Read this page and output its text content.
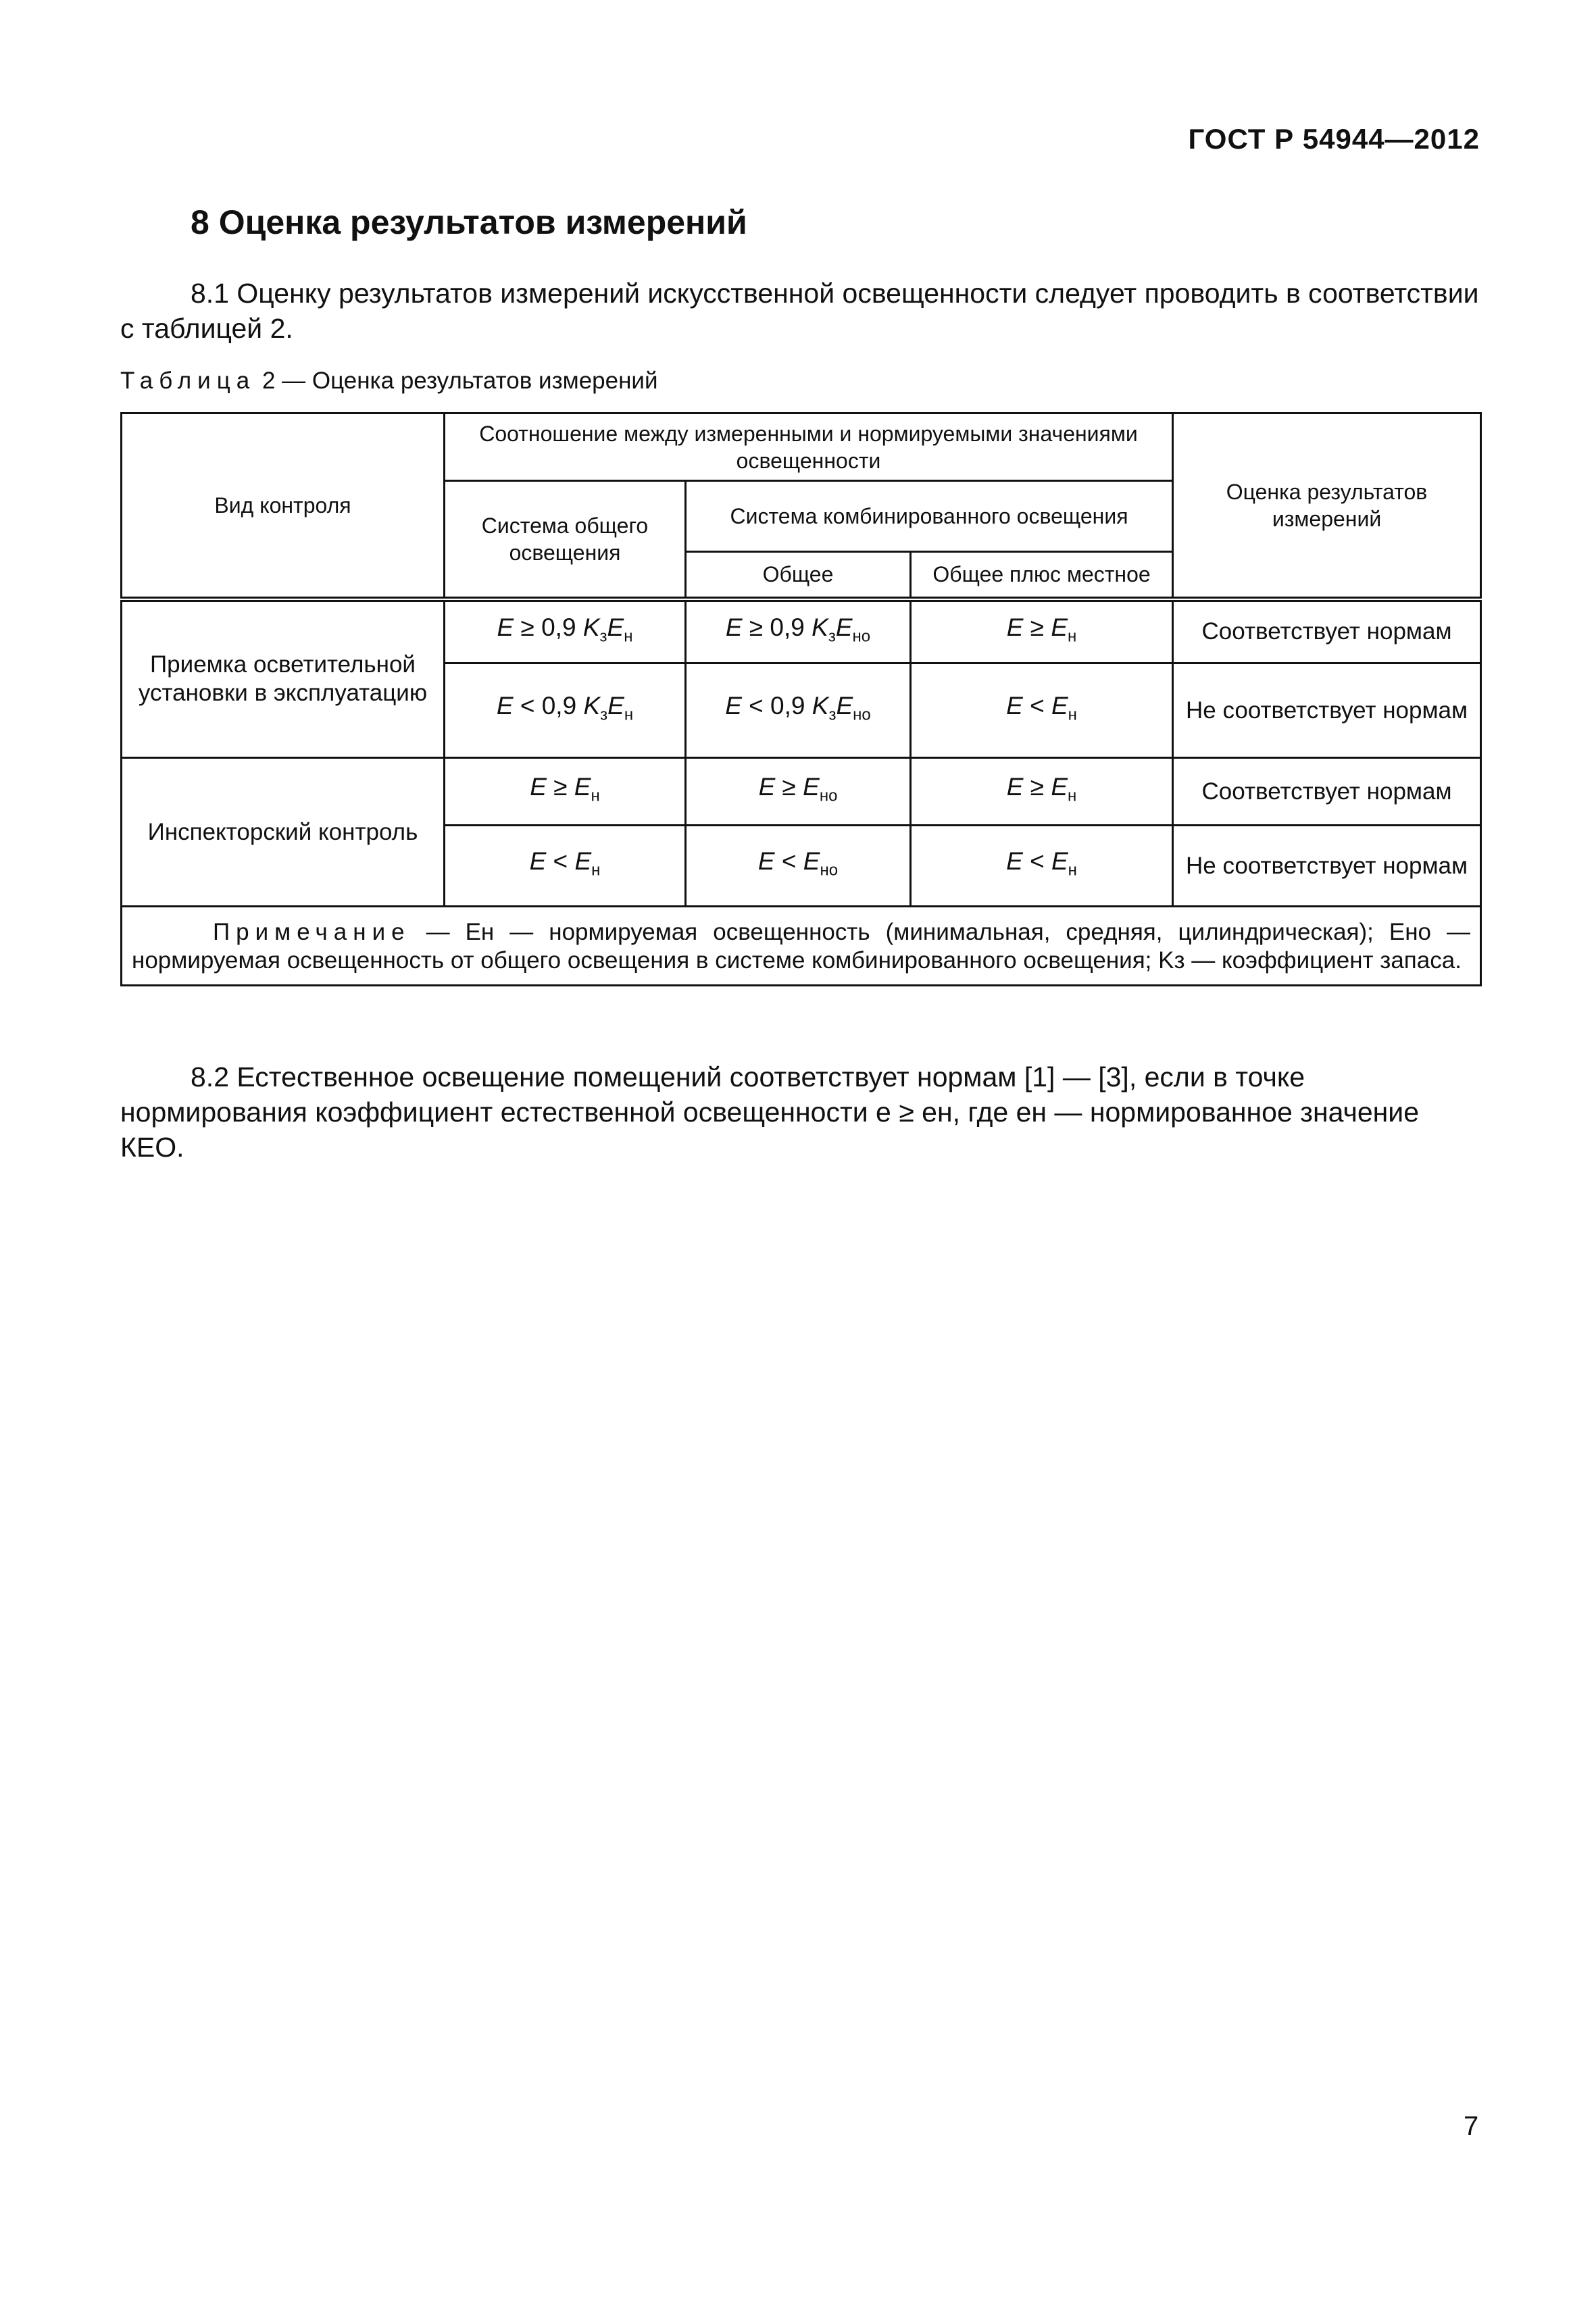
ГОСТ Р 54944—2012
8 Оценка результатов измерений

8.1 Оценку результатов измерений искусственной освещенности следует проводить в соответствии с таблицей 2.

Таблица 2 — Оценка результатов измерений
Вид контроля	Соотношение между измеренными и нормируемыми значениями освещенности			Оценка результатов измерений
	Система общего освещения	Система комбинированного освещения		
		Общее	Общее плюс местное	
Приемка осветительной установки в эксплуатацию	E ≥ 0,9 $K_зE_н$	E ≥ 0,9 $K_зE_{но}$	$E \ge E_н$	Соответствует нормам
	E < 0,9 $K_зE_н$	E < 0,9 $K_зE_{но}$	$E < E_н$	Не соответствует нормам
Инспекторский контроль	$E \ge E_н$	$E \ge E_{но}$	$E \ge E_н$	Соответствует нормам
	$E < E_н$	$E < E_{но}$	$E < E_н$	Не соответствует нормам
Примечание — Eн — нормируемая освещенность (минимальная, средняя, цилиндрическая); Eно — нормируемая освещенность от общего освещения в системе комбинированного освещения; Kз — коэффициент запаса.				

8.2 Естественное освещение помещений соответствует нормам [1] — [3], если в точке нормирования коэффициент естественной освещенности e ≥ eн, где eн — нормированное значение КЕО.

7
